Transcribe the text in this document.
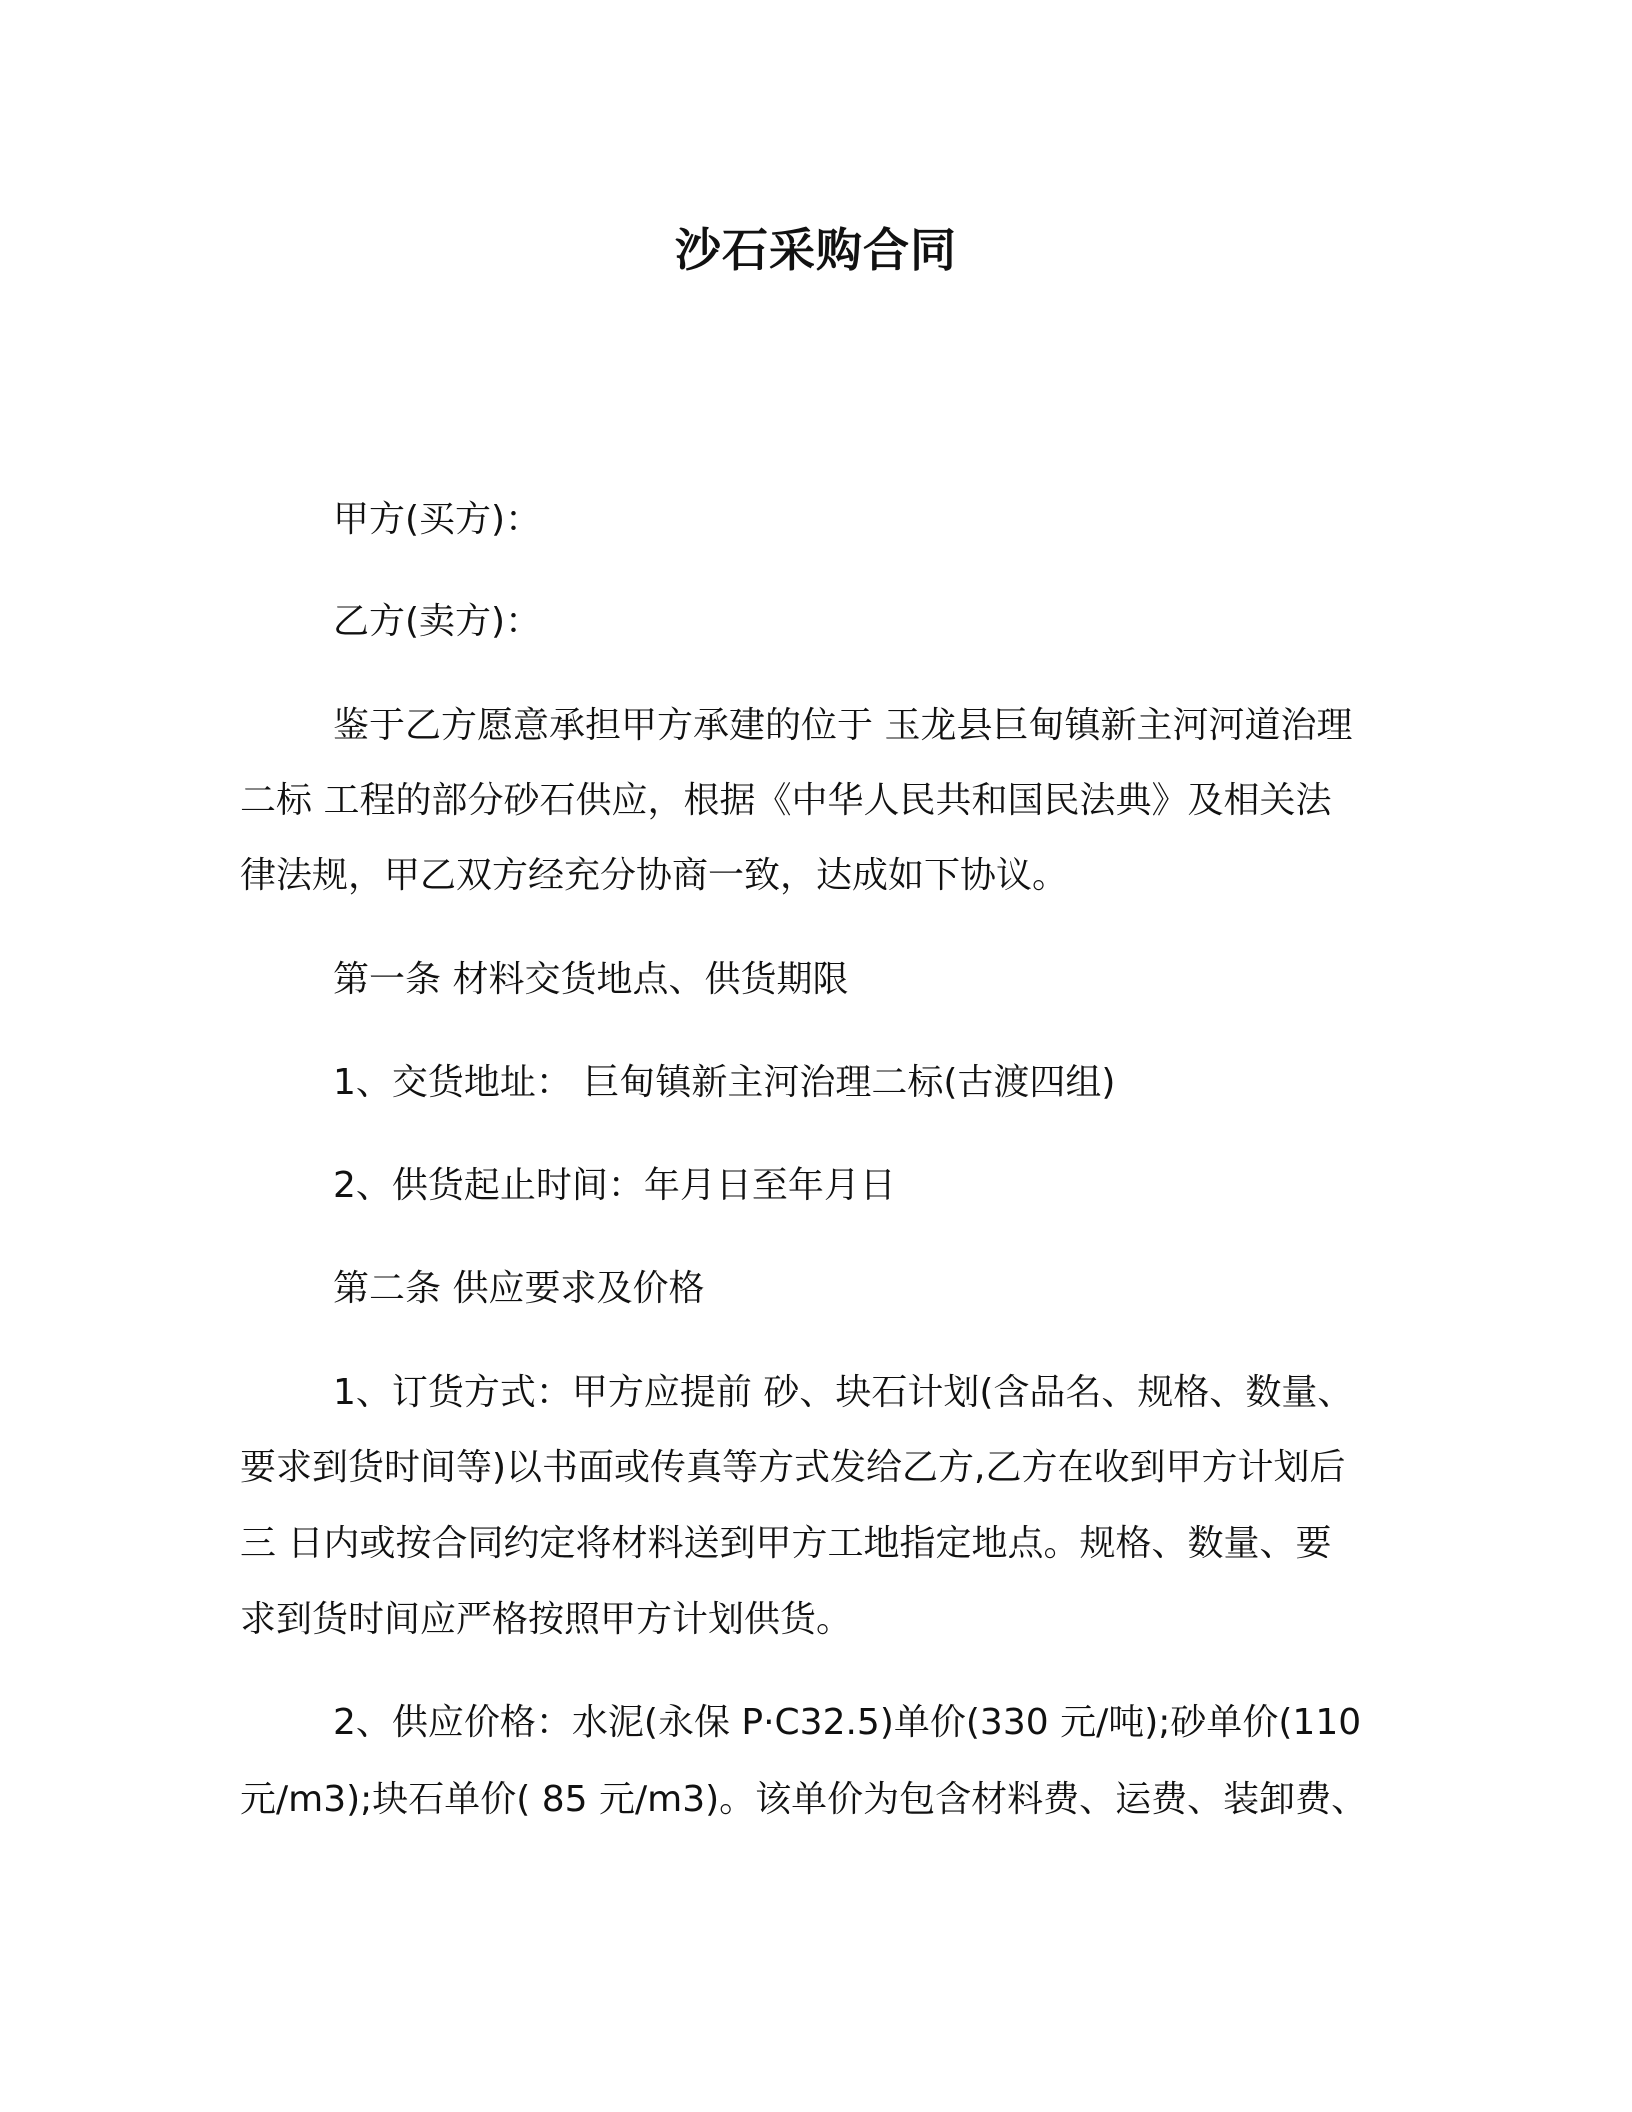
沙石采购合同
甲方(买方)：
乙方(卖方)：
鉴于乙方愿意承担甲方承建的位于 玉龙县巨甸镇新主河河道治理
二标 工程的部分砂石供应，根据《中华人民共和国民法典》及相关法
律法规，甲乙双方经充分协商一致，达成如下协议。
第一条 材料交货地点、供货期限
1、交货地址： 巨甸镇新主河治理二标(古渡四组)
2、供货起止时间：年月日至年月日
第二条 供应要求及价格
1、订货方式：甲方应提前 砂、块石计划(含品名、规格、数量、
要求到货时间等)以书面或传真等方式发给乙方,乙方在收到甲方计划后
三 日内或按合同约定将材料送到甲方工地指定地点。规格、数量、要
求到货时间应严格按照甲方计划供货。
2、供应价格：水泥(永保 P·C32.5)单价(330 元/吨);砂单价(110
元/m3);块石单价( 85 元/m3)。该单价为包含材料费、运费、装卸费、
